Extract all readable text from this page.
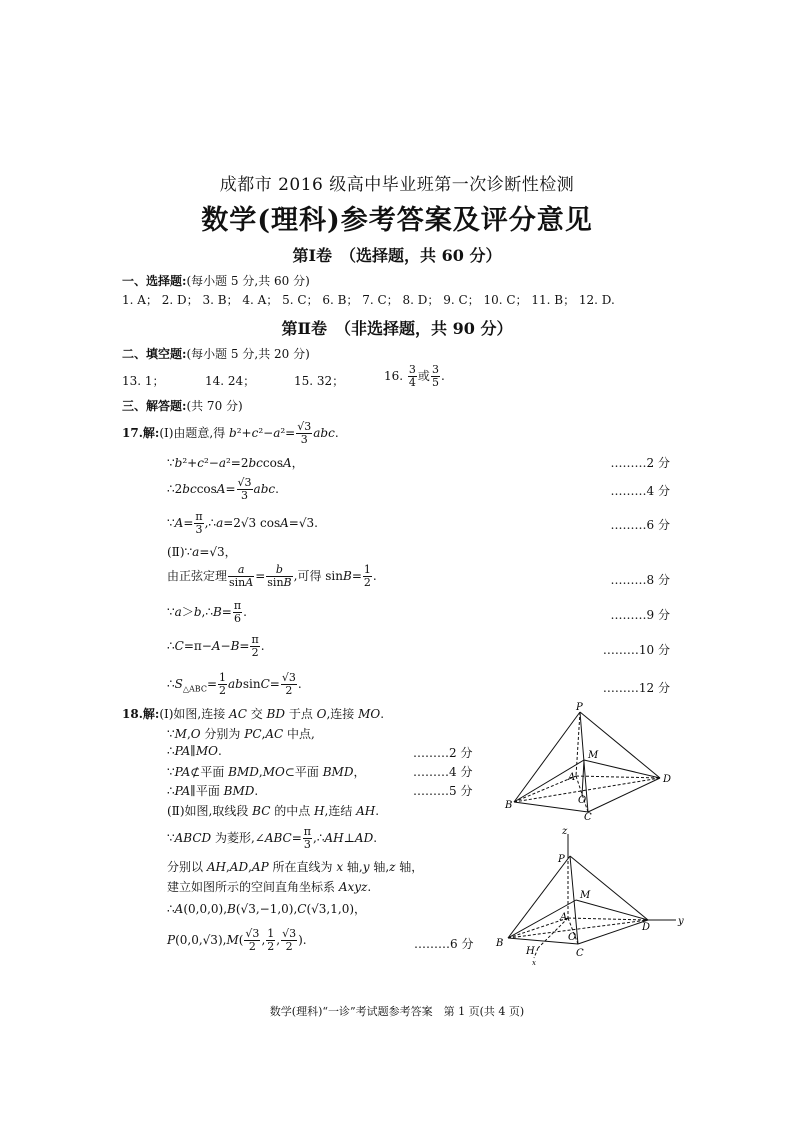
成都市 2016 级高中毕业班第一次诊断性检测
数学(理科)参考答案及评分意见
第Ⅰ卷　（选择题，共 60 分）
一、选择题:(每小题 5 分,共 60 分)
1. A； 2. D； 3. B； 4. A； 5. C； 6. B； 7. C； 8. D； 9. C； 10. C； 11. B； 12. D.
第Ⅱ卷　（非选择题，共 90 分）
二、填空题:(每小题 5 分,共 20 分)
13. 1；	14. 24；	15. 32；	16. $\frac{3}{4}$ 或 $\frac{3}{5}$ .
三、解答题:(共 70 分)
17.解:(Ⅰ)由题意,得 $b^2+c^2-a^2= \frac{√3}{3}$ abc.
∵b²+c²−a²=2bccosA，	………2 分
∴2bccosA= $\frac{√3}{3}$ abc.	………4 分
∵A= $\frac{\pi}{3}$ ,∴a=2√3 cosA=√3.	………6 分
(Ⅱ)∵a=√3，
由正弦定理 $\frac{a}{\sin A} = \frac{b}{\sin B}$ ,可得 $\sin B= \frac{1}{2}$ .	………8 分
∵a＞b,∴B= $\frac{\pi}{6}$ .	………9 分
∴C=π−A−B= $\frac{\pi}{2}$ .	………10 分
$\therefore S_{\triangle ABC}= \frac{1}{2} absinC= \frac{√3}{2}$ .	………12 分
18.解:(Ⅰ)如图,连接 AC 交 BD 于点 O,连接 MO.
∵M,O 分别为 PC,AC 中点,
∴PA∥MO.	………2 分
∵PA⊄平面 BMD,MO⊂平面 BMD，	………4 分
∴PA∥平面 BMD.	………5 分
(Ⅱ)如图,取线段 BC 的中点 H,连结 AH.
∵ABCD 为菱形,∠ABC= $\frac{\pi}{3}$ ,∴AH⊥AD.
分别以 AH,AD,AP 所在直线为 x 轴,y 轴,z 轴，
建立如图所示的空间直角坐标系 Axyz.
∴A(0,0,0),B(√3,−1,0),C(√3,1,0)，
$P(0,0,√3),M( \frac{√3}{2}$ , $\frac{1}{2}$ , $\frac{√3}{2}$ ).	………6 分
P
M
A
O
D
B
C
z
P
M
A
O
D
y
B
H	C
x
数学(理科)“一诊”考试题参考答案　第 1 页(共 4 页)
